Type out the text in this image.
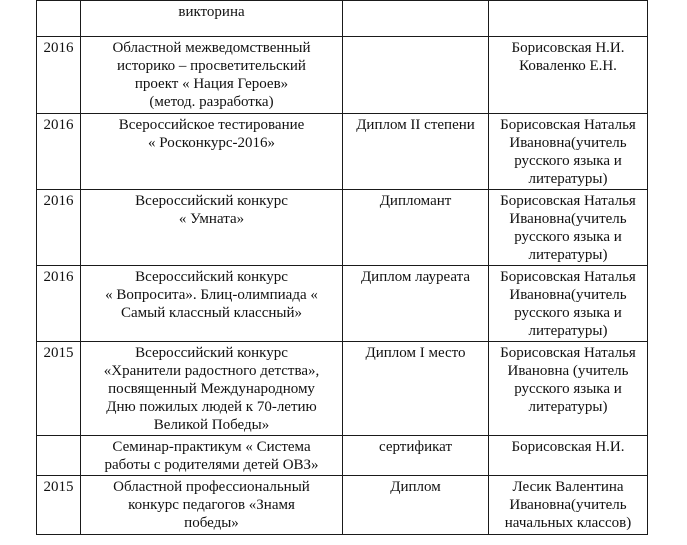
	викторина		

2016	Областной межведомственный
историко – просветительский
проект « Нация Героев»
(метод. разработка)		Борисовская Н.И.
Коваленко Е.Н.

2016	Всероссийское тестирование
« Росконкурс-2016»	Диплом II степени	Борисовская Наталья
Ивановна(учитель
русского языка и
литературы)

2016	Всероссийский конкурс
« Умната»	Дипломант	Борисовская Наталья
Ивановна(учитель
русского языка и
литературы)

2016	Всероссийский конкурс
« Вопросита». Блиц-олимпиада «
Самый классный классный»	Диплом лауреата	Борисовская Наталья
Ивановна(учитель
русского языка и
литературы)

2015	Всероссийский конкурс
«Хранители радостного детства»,
посвященный Международному
Дню пожилых людей к 70-летию
Великой Победы»	Диплом I место	Борисовская Наталья
Ивановна (учитель
русского языка и
литературы)

	Семинар-практикум « Система
работы с родителями детей ОВЗ»	сертификат	Борисовская Н.И.

2015	Областной профессиональный
конкурс педагогов «Знамя
победы»	Диплом	Лесик Валентина
Ивановна(учитель
начальных классов)
